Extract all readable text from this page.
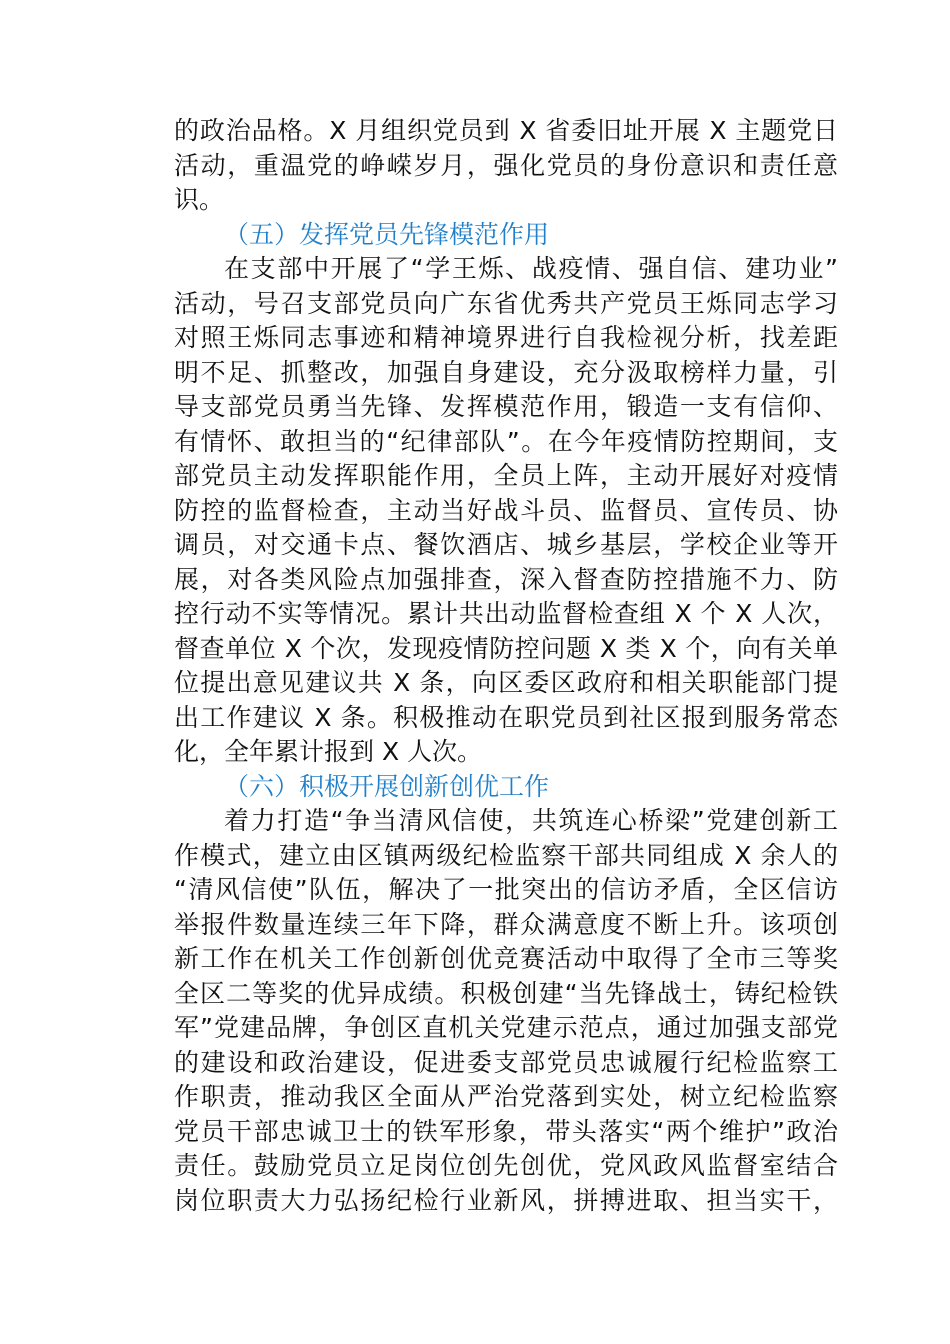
的政治品格。X 月组织党员到 X 省委旧址开展 X 主题党日
活动，重温党的峥嵘岁月，强化党员的身份意识和责任意
识。
（五）发挥党员先锋模范作用
在支部中开展了“学王烁、战疫情、强自信、建功业”
活动，号召支部党员向广东省优秀共产党员王烁同志学习
对照王烁同志事迹和精神境界进行自我检视分析，找差距
明不足、抓整改，加强自身建设，充分汲取榜样力量，引
导支部党员勇当先锋、发挥模范作用，锻造一支有信仰、
有情怀、敢担当的“纪律部队”。在今年疫情防控期间，支
部党员主动发挥职能作用，全员上阵，主动开展好对疫情
防控的监督检查，主动当好战斗员、监督员、宣传员、协
调员，对交通卡点、餐饮酒店、城乡基层，学校企业等开
展，对各类风险点加强排查，深入督查防控措施不力、防
控行动不实等情况。累计共出动监督检查组 X 个 X 人次，
督查单位 X 个次，发现疫情防控问题 X 类 X 个，向有关单
位提出意见建议共 X 条，向区委区政府和相关职能部门提
出工作建议 X 条。积极推动在职党员到社区报到服务常态
化，全年累计报到 X 人次。
（六）积极开展创新创优工作
着力打造“争当清风信使，共筑连心桥梁”党建创新工
作模式，建立由区镇两级纪检监察干部共同组成 X 余人的
“清风信使”队伍，解决了一批突出的信访矛盾，全区信访
举报件数量连续三年下降，群众满意度不断上升。该项创
新工作在机关工作创新创优竞赛活动中取得了全市三等奖
全区二等奖的优异成绩。积极创建“当先锋战士，铸纪检铁
军”党建品牌，争创区直机关党建示范点，通过加强支部党
的建设和政治建设，促进委支部党员忠诚履行纪检监察工
作职责，推动我区全面从严治党落到实处，树立纪检监察
党员干部忠诚卫士的铁军形象，带头落实“两个维护”政治
责任。鼓励党员立足岗位创先创优，党风政风监督室结合
岗位职责大力弘扬纪检行业新风，拼搏进取、担当实干，
